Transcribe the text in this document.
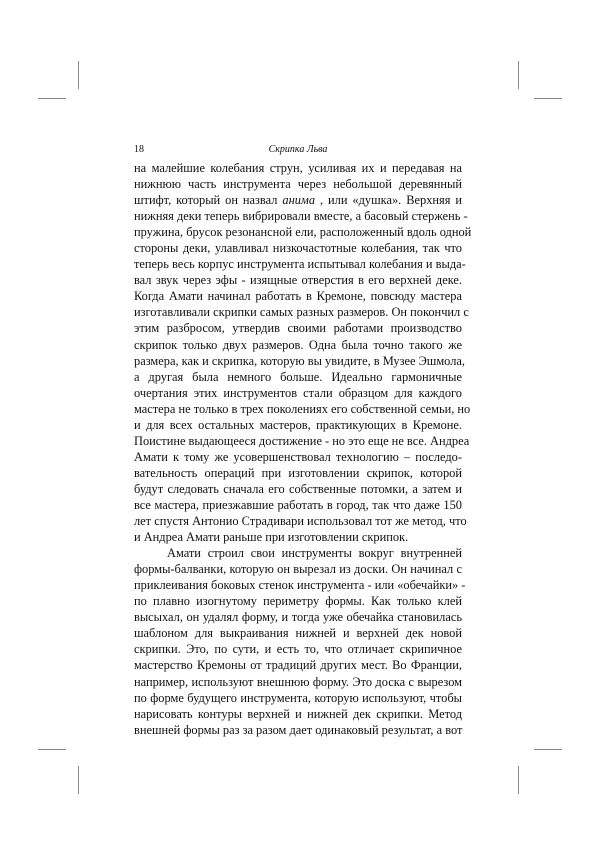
18	Скрипка Льва
на малейшие колебания струн, усиливая их и передавая на
нижнюю часть инструмента через небольшой деревянный
штифт, который он назвал анима , или «душка». Верхняя и
нижняя деки теперь вибрировали вместе, а басовый стержень -
пружина, брусок резонансной ели, расположенный вдоль одной
стороны деки, улавливал низкочастотные колебания, так что
теперь весь корпус инструмента испытывал колебания и выда-
вал звук через эфы - изящные отверстия в его верхней деке.
Когда Амати начинал работать в Кремоне, повсюду мастера
изготавливали скрипки самых разных размеров. Он покончил с
этим разбросом, утвердив своими работами производство
скрипок только двух размеров. Одна была точно такого же
размера, как и скрипка, которую вы увидите, в Музее Эшмола,
а другая была немного больше. Идеально гармоничные
очертания этих инструментов стали образцом для каждого
мастера не только в трех поколениях его собственной семьи, но
и для всех остальных мастеров, практикующих в Кремоне.
Поистине выдающееся достижение - но это еще не все. Андреа
Амати к тому же усовершенствовал технологию – последо-
вательность операций при изготовлении скрипок, которой
будут следовать сначала его собственные потомки, а затем и
все мастера, приезжавшие работать в город, так что даже 150
лет спустя Антонио Страдивари использовал тот же метод, что
и Андреа Амати раньше при изготовлении скрипок.
Амати строил свои инструменты вокруг внутренней
формы-балванки, которую он вырезал из доски. Он начинал с
приклеивания боковых стенок инструмента - или «обечайки» -
по плавно изогнутому периметру формы. Как только клей
высыхал, он удалял форму, и тогда уже обечайка становилась
шаблоном для выкраивания нижней и верхней дек новой
скрипки. Это, по сути, и есть то, что отличает скрипичное
мастерство Кремоны от традиций других мест. Во Франции,
например, используют внешнюю форму. Это доска с вырезом
по форме будущего инструмента, которую используют, чтобы
нарисовать контуры верхней и нижней дек скрипки. Метод
внешней формы раз за разом дает одинаковый результат, а вот
